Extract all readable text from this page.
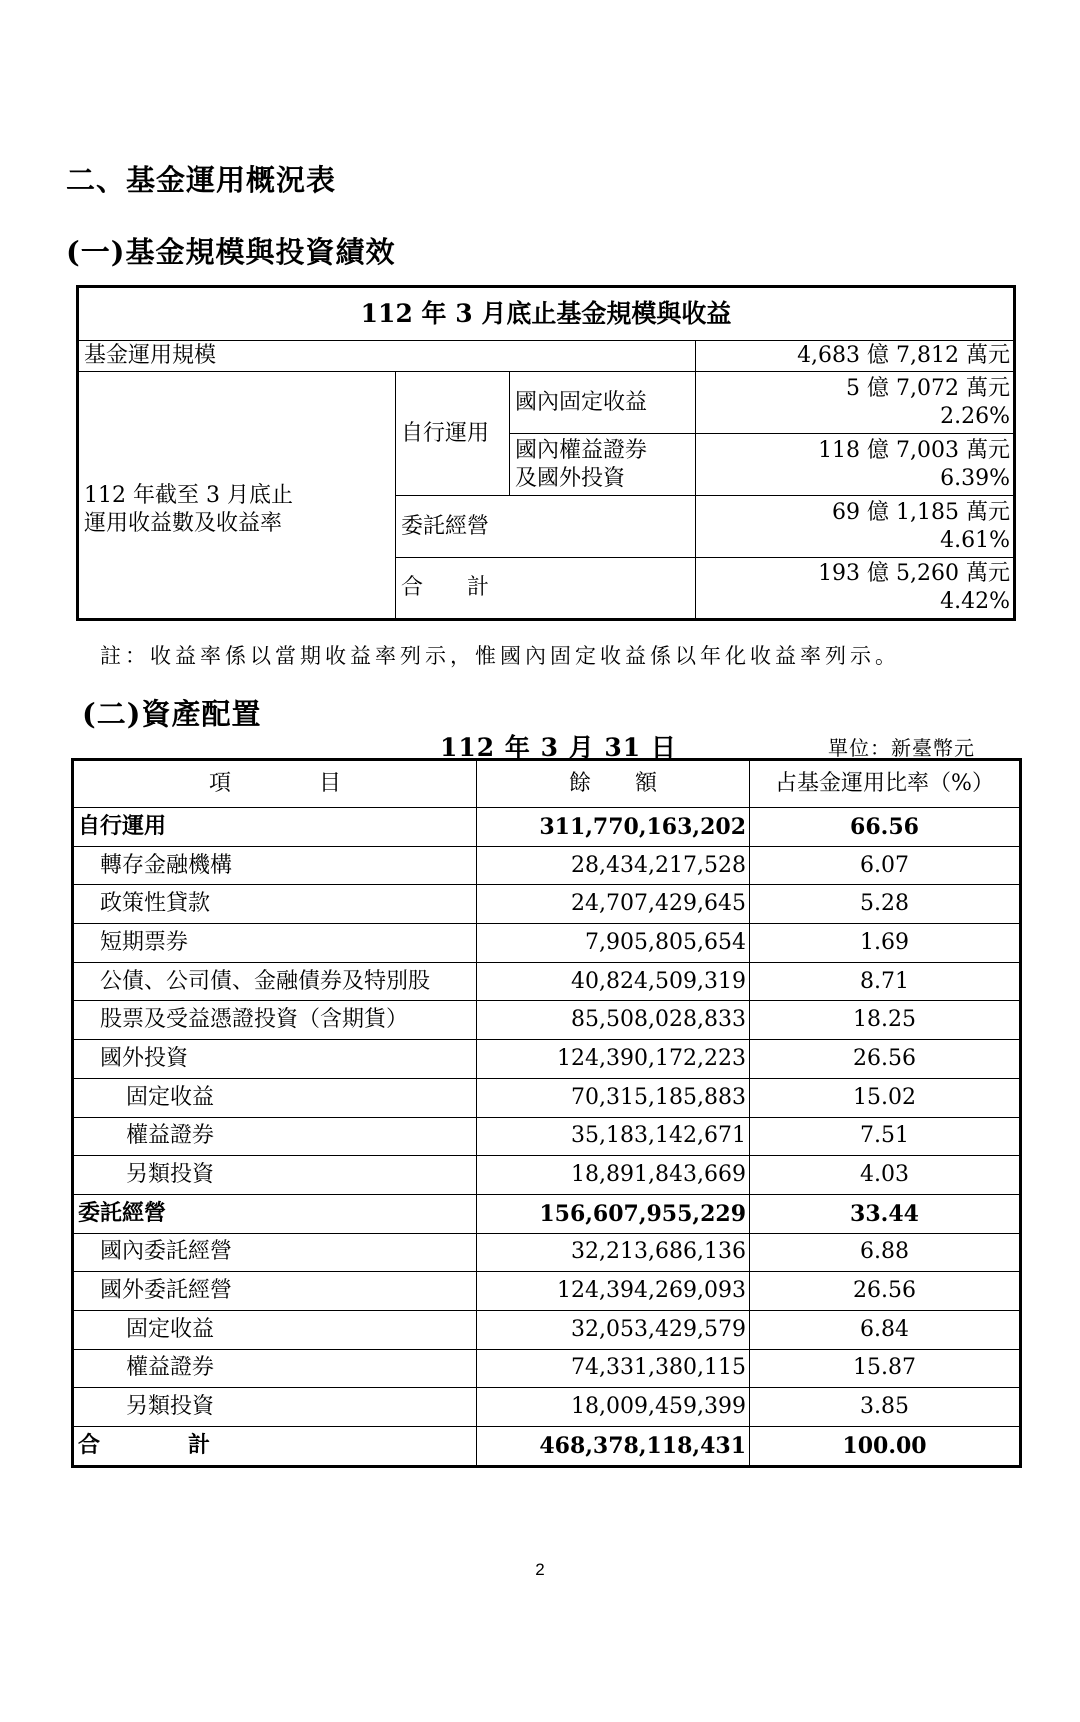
二、基金運用概況表
(一)基金規模與投資績效
112 年 3 月底止基金規模與收益			
基金運用規模			4,683 億 7,812 萬元
112 年截至 3 月底止
運用收益數及收益率	自行運用	國內固定收益	5 億 7,072 萬元
2.26%

		國內權益證券
及國外投資	118 億 7,003 萬元
6.39%

	委託經營		69 億 1,185 萬元
4.61%

	合　　計		193 億 5,260 萬元
4.42%
註：收益率係以當期收益率列示，惟國內固定收益係以年化收益率列示。
(二)資產配置
112 年 3 月 31 日	單位：新臺幣元
項　　　　目	餘　　額	占基金運用比率（%）
自行運用	311,770,163,202	66.56
轉存金融機構	28,434,217,528	6.07
政策性貸款	24,707,429,645	5.28
短期票券	7,905,805,654	1.69
公債、公司債、金融債券及特別股	40,824,509,319	8.71
股票及受益憑證投資（含期貨）	85,508,028,833	18.25
國外投資	124,390,172,223	26.56
固定收益	70,315,185,883	15.02
權益證券	35,183,142,671	7.51
另類投資	18,891,843,669	4.03
委託經營	156,607,955,229	33.44
國內委託經營	32,213,686,136	6.88
國外委託經營	124,394,269,093	26.56
固定收益	32,053,429,579	6.84
權益證券	74,331,380,115	15.87
另類投資	18,009,459,399	3.85
合　　　　計	468,378,118,431	100.00
2
